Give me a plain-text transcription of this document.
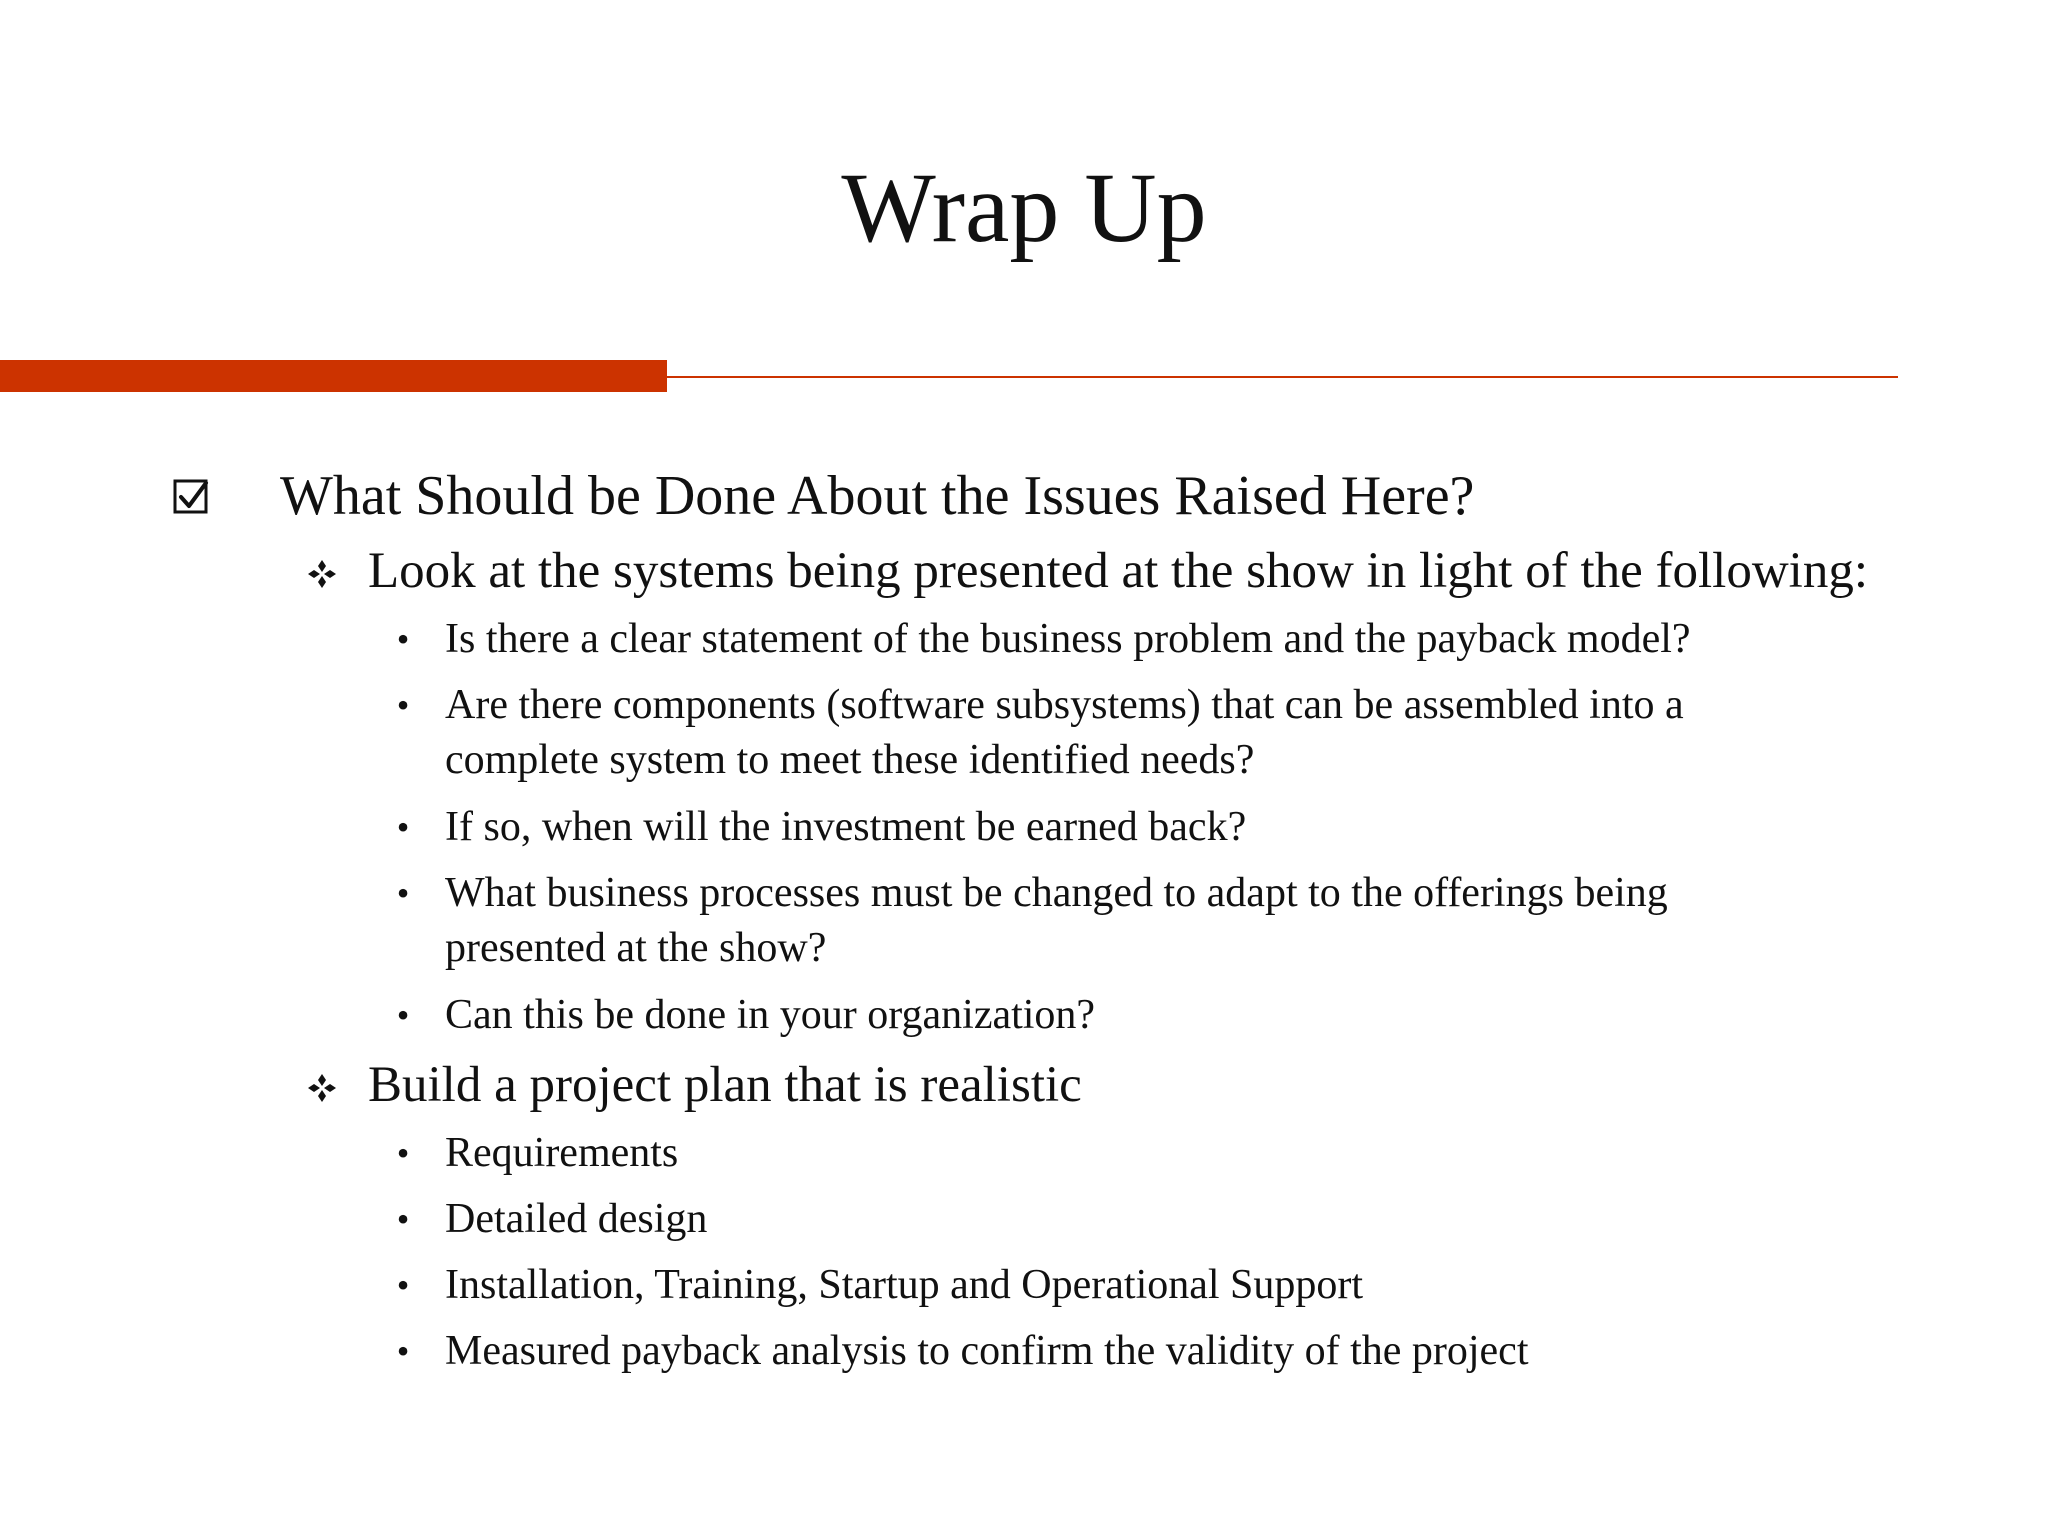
Wrap Up
What Should be Done About the Issues Raised Here?
Look at the systems being presented at the show in light of the following:
• Is there a clear statement of the business problem and the payback model?
• Are there components (software subsystems) that can be assembled into a
complete system to meet these identified needs?
• If so, when will the investment be earned back?
• What business processes must be changed to adapt to the offerings being
presented at the show?
• Can this be done in your organization?
Build a project plan that is realistic
• Requirements
• Detailed design
• Installation, Training, Startup and Operational Support
• Measured payback analysis to confirm the validity of the project
